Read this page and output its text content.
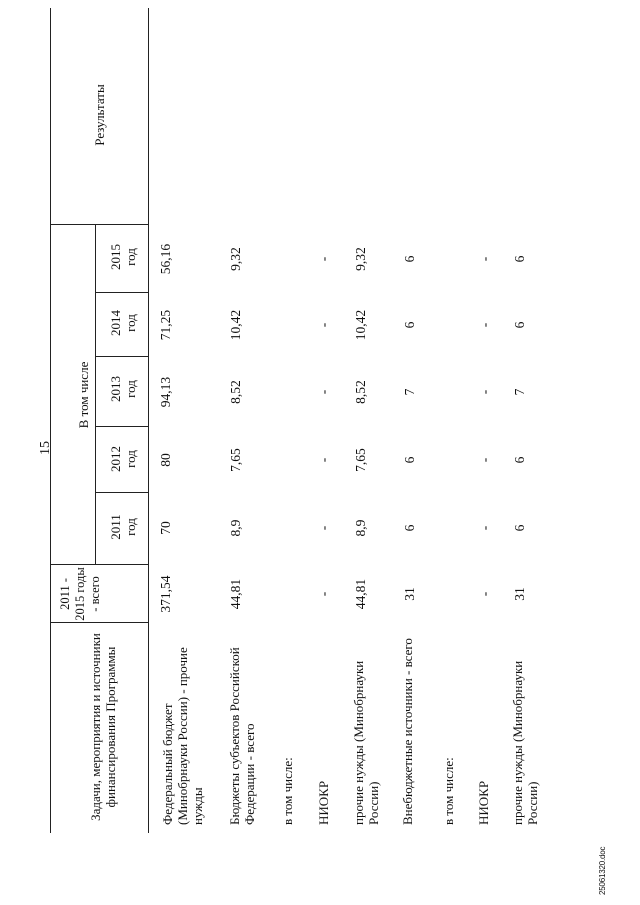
15
25061320.doc
Задачи, мероприятия и источники финансирования Программы
2011 - 2015 годы - всего
В том числе
2011 год
2012 год
2013 год
2014 год
2015 год
Результаты
Федеральный бюджет (Минобрнауки России) - прочие нужды
371,54
70
80
94,13
71,25
56,16
Бюджеты субъектов Российской Федерации - всего
44,81
8,9
7,65
8,52
10,42
9,32
в том числе: НИОКР
-
-
-
-
-
-
прочие нужды (Минобрнауки России)
44,81
8,9
7,65
8,52
10,42
9,32
Внебюджетные источники - всего
31
6
6
7
6
6
в том числе: НИОКР
-
-
-
-
-
-
прочие нужды (Минобрнауки России)
31
6
6
7
6
6
